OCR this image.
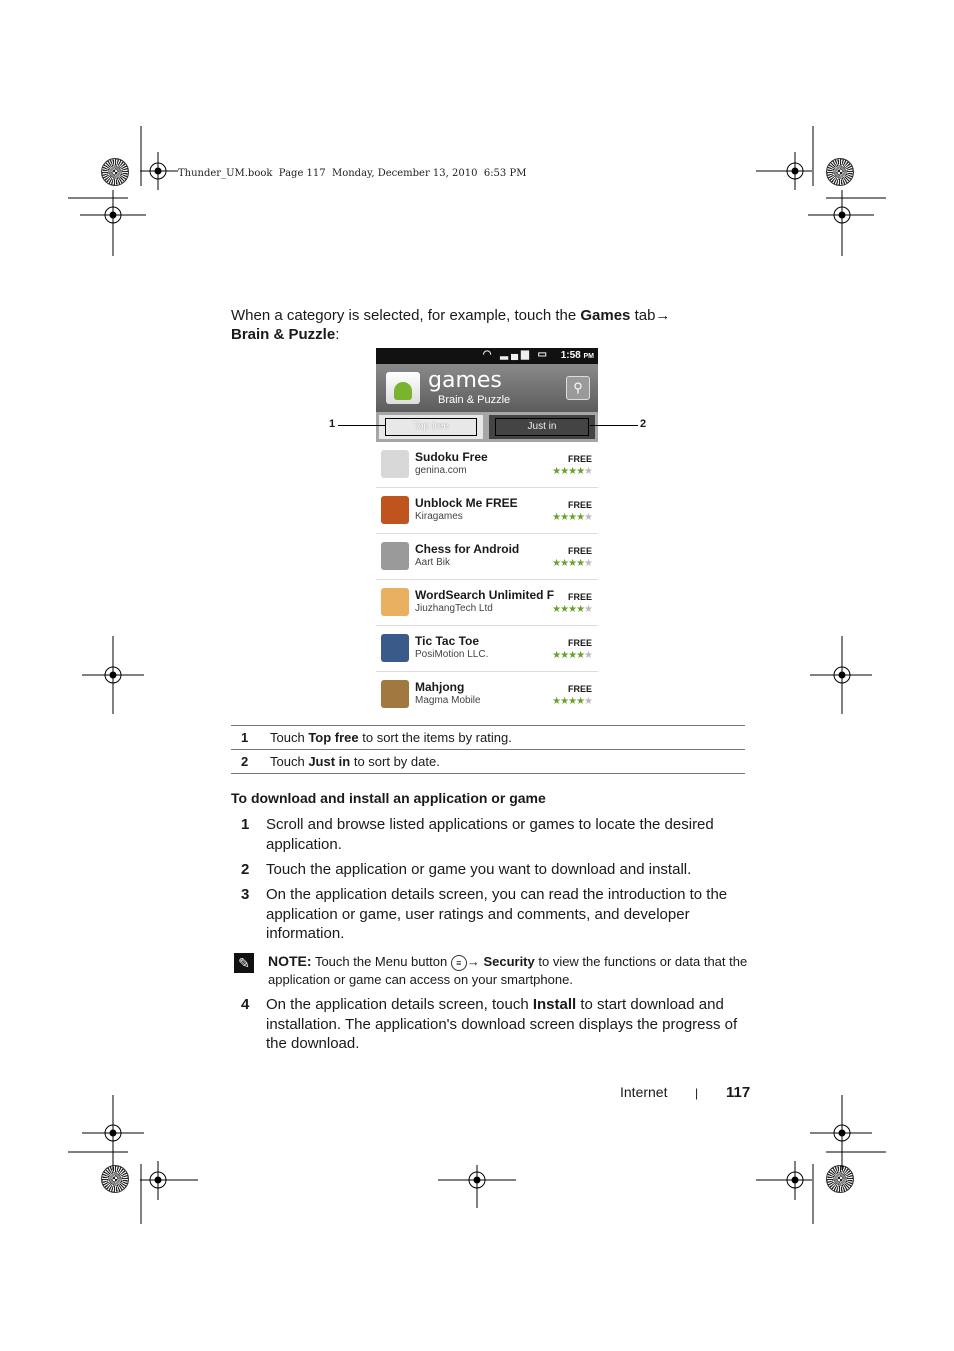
Thunder_UM.book  Page 117  Monday, December 13, 2010  6:53 PM
When a category is selected, for example, touch the Games tab→
Brain & Puzzle:
◠ ▂▄▆ ▭ 1:58 PM
games
Brain & Puzzle
⚲
Top free	Just in
Sudoku Free
genina.com
FREE
★★★★★
Unblock Me FREE
Kiragames
FREE
★★★★★
Chess for Android
Aart Bik
FREE
★★★★★
WordSearch Unlimited F
JiuzhangTech Ltd
FREE
★★★★★
Tic Tac Toe
PosiMotion LLC.
FREE
★★★★★
Mahjong
Magma Mobile
FREE
★★★★★
1	2
1 Touch Top free to sort the items by rating.
2 Touch Just in to sort by date.
To download and install an application or game
1 Scroll and browse listed applications or games to locate the desired application.
2 Touch the application or game you want to download and install.
3 On the application details screen, you can read the introduction to the application or game, user ratings and comments, and developer information.
✎ NOTE: Touch the Menu button ≡ → Security to view the functions or data that the application or game can access on your smartphone.
4 On the application details screen, touch Install to start download and installation. The application's download screen displays the progress of the download.
Internet | 117
